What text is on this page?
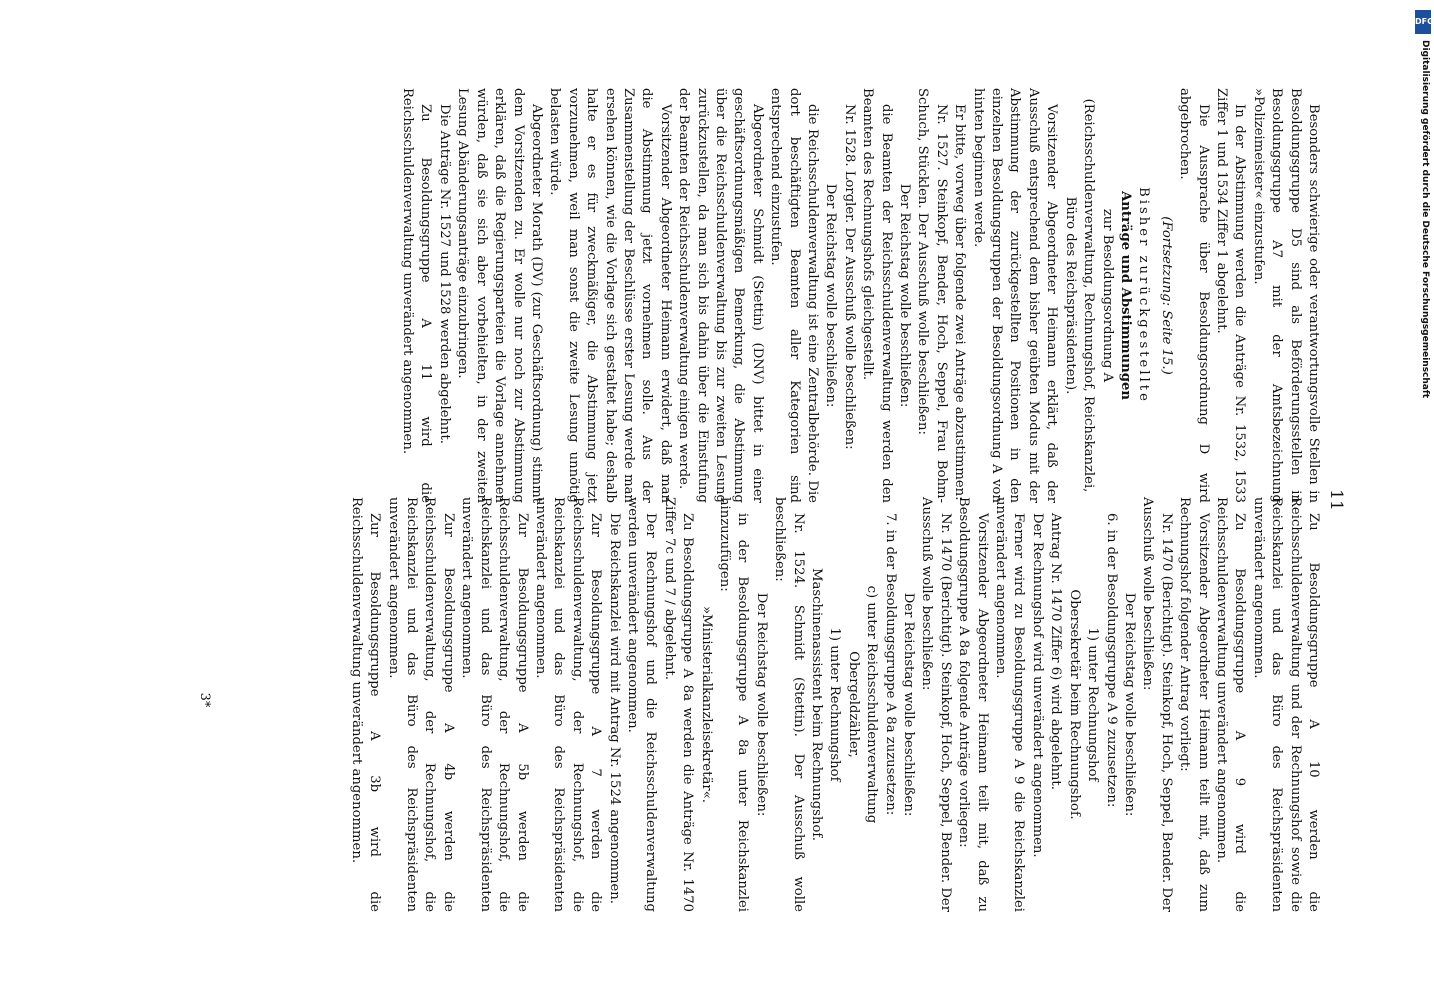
11

Besonders schwierige oder verantwortungsvolle Stellen in Besoldungsgruppe D5 sind als Beförderungsstellen in Besoldungsgruppe A7 mit der Amtsbezeichnung »Polizeimeister« einzustufen.

In der Abstimmung werden die Anträge Nr. 1532, 1533 Ziffer 1 und 1534 Ziffer 1 abgelehnt.

Die Aussprache über Besoldungsordnung D wird abgebrochen.

(Fortsetzung: Seite 15.)

Bisher zurückgestellte

Anträge und Abstimmungen

zur Besoldungsordnung A

(Reichsschuldenverwaltung, Rechnungshof, Reichskanzlei, Büro des Reichspräsidenten).

Vorsitzender Abgeordneter Heimann erklärt, daß der Ausschuß entsprechend dem bisher geübten Modus mit der Abstimmung der zurückgestellten Positionen in den einzelnen Besoldungsgruppen der Besoldungsordnung A von hinten beginnen werde.

Er bitte, vorweg über folgende zwei Anträge abzustimmen:

Nr. 1527. Steinkopf, Bender, Hoch, Seppel, Frau Bohm-Schuch, Stücklen. Der Ausschuß wolle beschließen:

Der Reichstag wolle beschließen:

die Beamten der Reichsschuldenverwaltung werden den Beamten des Rechnungshofs gleichgestellt.

Nr. 1528. Lorgler. Der Ausschuß wolle beschließen:

Der Reichstag wolle beschließen:

die Reichsschuldenverwaltung ist eine Zentralbehörde. Die dort beschäftigten Beamten aller Kategorien sind entsprechend einzustufen.

Abgeordneter Schmidt (Stettin) (DNV) bittet in einer geschäftsordnungsmäßigen Bemerkung, die Abstimmung über die Reichsschuldenverwaltung bis zur zweiten Lesung zurückzustellen, da man sich bis dahin über die Einstufung der Beamten der Reichsschuldenverwaltung einigen werde.

Vorsitzender Abgeordneter Heimann erwidert, daß man die Abstimmung jetzt vornehmen solle. Aus der Zusammenstellung der Beschlüsse erster Lesung werde man ersehen können, wie die Vorlage sich gestaltet habe; deshalb halte er es für zweckmäßiger, die Abstimmung jetzt vorzunehmen, weil man sonst die zweite Lesung unnötig belasten würde.

Abgeordneter Morath (DV) (zur Geschäftsordnung) stimmt dem Vorsitzenden zu. Er wolle nur noch zur Abstimmung erklären, daß die Regierungsparteien die Vorlage annehmen würden, daß sie sich aber vorbehielten, in der zweiten Lesung Abänderungsanträge einzubringen.

Die Anträge Nr. 1527 und 1528 werden abgelehnt.

Zu Besoldungsgruppe A 11 wird die Reichsschuldenverwaltung unverändert angenommen.

Zu Besoldungsgruppe A 10 werden die Reichsschuldenverwaltung und der Rechnungshof sowie die Reichskanzlei und das Büro des Reichspräsidenten unverändert angenommen.

Zu Besoldungsgruppe A 9 wird die Reichsschuldenverwaltung unverändert angenommen.

Vorsitzender Abgeordneter Heimann teilt mit, daß zum Rechnungshof folgender Antrag vorliegt:

Nr. 1470 (Berichtigt). Steinkopf, Hoch, Seppel, Bender. Der Ausschuß wolle beschließen:

Der Reichstag wolle beschließen:

6. in der Besoldungsgruppe A 9 zuzusetzen:

1) unter Rechnungshof

Obersekretär beim Rechnungshof.

Antrag Nr. 1470 Ziffer 6) wird abgelehnt.

Der Rechnungshof wird unverändert angenommen.

Ferner wird zu Besoldungsgruppe A 9 die Reichskanzlei unverändert angenommen.

Vorsitzender Abgeordneter Heimann teilt mit, daß zu Besoldungsgruppe A 8a folgende Anträge vorliegen:

Nr. 1470 (Berichtigt). Steinkopf, Hoch, Seppel, Bender. Der Ausschuß wolle beschließen:

Der Reichstag wolle beschließen:

7. in der Besoldungsgruppe A 8a zuzusetzen:

c) unter Reichsschuldenverwaltung

Obergeldzähler,

1) unter Rechnungshof

Maschinenassistent beim Rechnungshof.

Nr. 1524. Schmidt (Stettin). Der Ausschuß wolle beschließen:

Der Reichstag wolle beschließen:

in der Besoldungsgruppe A 8a unter Reichskanzlei hinzuzufügen:

»Ministerialkanzleisekretär«.

Zu Besoldungsgruppe A 8a werden die Anträge Nr. 1470 Ziffer 7c und 7 / abgelehnt.

Der Rechnungshof und die Reichsschuldenverwaltung werden unverändert angenommen.

Die Reichskanzlei wird mit Antrag Nr. 1524 angenommen.

Zur Besoldungsgruppe A 7 werden die Reichsschuldenverwaltung, der Rechnungshof, die Reichskanzlei und das Büro des Reichspräsidenten unverändert angenommen.

Zur Besoldungsgruppe A 5b werden die Reichsschuldenverwaltung, der Rechnungshof, die Reichskanzlei und das Büro des Reichspräsidenten unverändert angenommen.

Zur Besoldungsgruppe A 4b werden die Reichsschuldenverwaltung, der Rechnungshof, die Reichskanzlei und das Büro des Reichspräsidenten unverändert angenommen.

Zur Besoldungsgruppe A 3b wird die Reichsschuldenverwaltung unverändert angenommen.

3*
DFG
Digitalisierung gefördert durch die Deutsche Forschungsgemeinschaft
